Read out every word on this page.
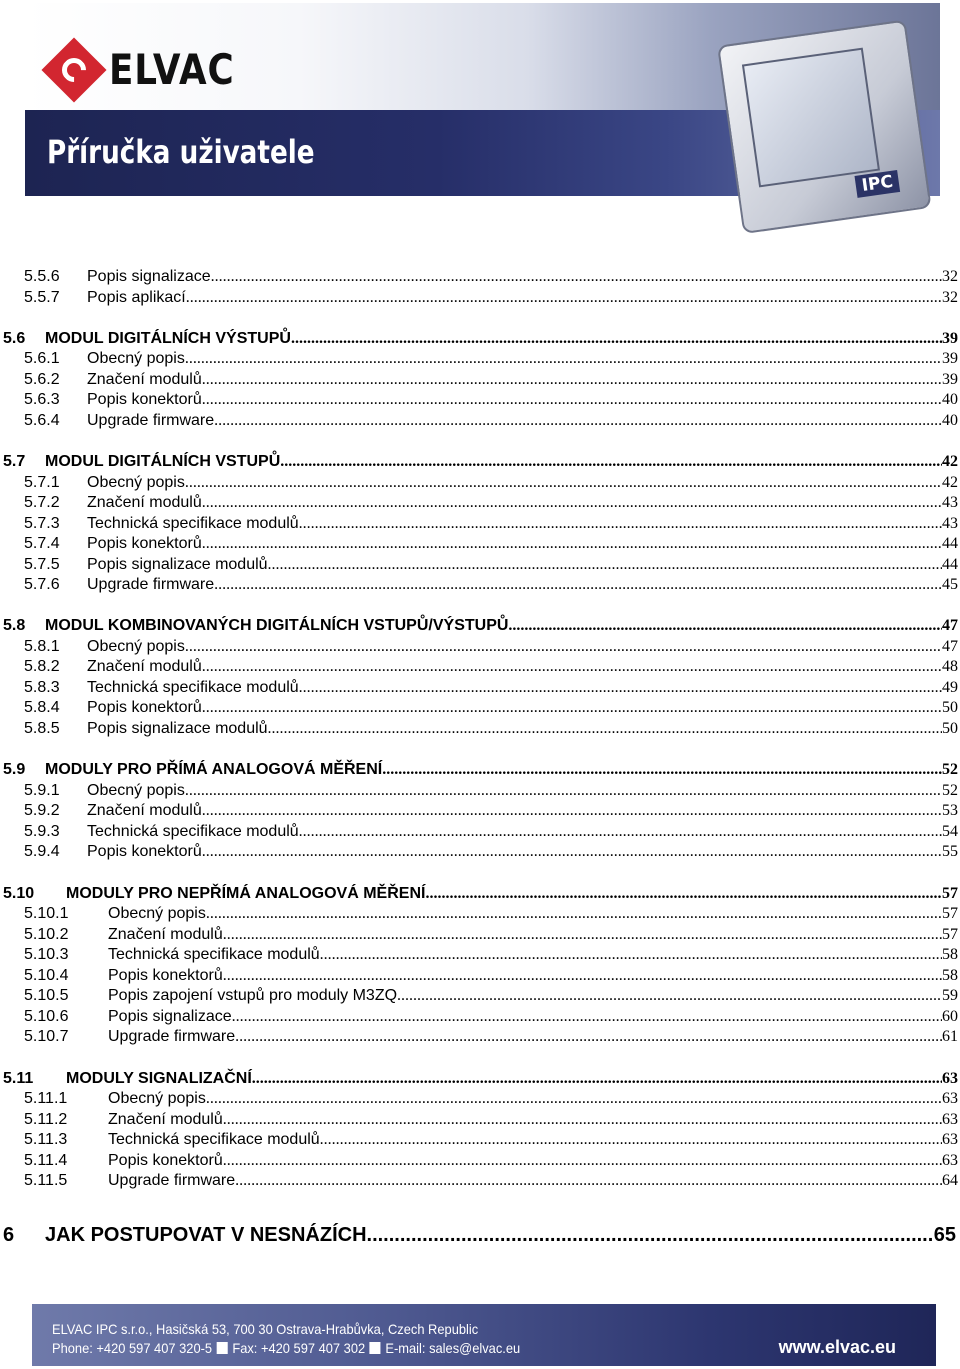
ELVAC
Příručka uživatele
IPC
5.5.6	Popis signalizace .....	32
5.5.7	Popis aplikací .....	32
5.6	MODUL DIGITÁLNÍCH VÝSTUPŮ .....	39
5.6.1	Obecný popis .....	39
5.6.2	Značení modulů .....	39
5.6.3	Popis konektorů .....	40
5.6.4	Upgrade firmware .....	40
5.7	MODUL DIGITÁLNÍCH VSTUPŮ .....	42
5.7.1	Obecný popis .....	42
5.7.2	Značení modulů .....	43
5.7.3	Technická specifikace modulů .....	43
5.7.4	Popis konektorů .....	44
5.7.5	Popis signalizace modulů .....	44
5.7.6	Upgrade firmware .....	45
5.8	MODUL KOMBINOVANÝCH DIGITÁLNÍCH VSTUPŮ/VÝSTUPŮ .....	47
5.8.1	Obecný popis .....	47
5.8.2	Značení modulů .....	48
5.8.3	Technická specifikace modulů .....	49
5.8.4	Popis konektorů .....	50
5.8.5	Popis signalizace modulů .....	50
5.9	MODULY PRO PŘÍMÁ ANALOGOVÁ MĚŘENÍ .....	52
5.9.1	Obecný popis .....	52
5.9.2	Značení modulů .....	53
5.9.3	Technická specifikace modulů .....	54
5.9.4	Popis konektorů .....	55
5.10	MODULY PRO NEPŘÍMÁ ANALOGOVÁ MĚŘENÍ .....	57
5.10.1	Obecný popis .....	57
5.10.2	Značení modulů .....	57
5.10.3	Technická specifikace modulů .....	58
5.10.4	Popis konektorů .....	58
5.10.5	Popis zapojení vstupů pro moduly M3ZQ .....	59
5.10.6	Popis signalizace .....	60
5.10.7	Upgrade firmware .....	61
5.11	MODULY SIGNALIZAČNÍ .....	63
5.11.1	Obecný popis .....	63
5.11.2	Značení modulů .....	63
5.11.3	Technická specifikace modulů .....	63
5.11.4	Popis konektorů .....	63
5.11.5	Upgrade firmware .....	64
6	JAK POSTUPOVAT V NESNÁZÍCH .....	65
ELVAC IPC s.r.o., Hasičská 53, 700 30 Ostrava-Hrabůvka, Czech Republic
Phone: +420 597 407 320-5 Fax: +420 597 407 302 E-mail: sales@elvac.eu	www.elvac.eu
